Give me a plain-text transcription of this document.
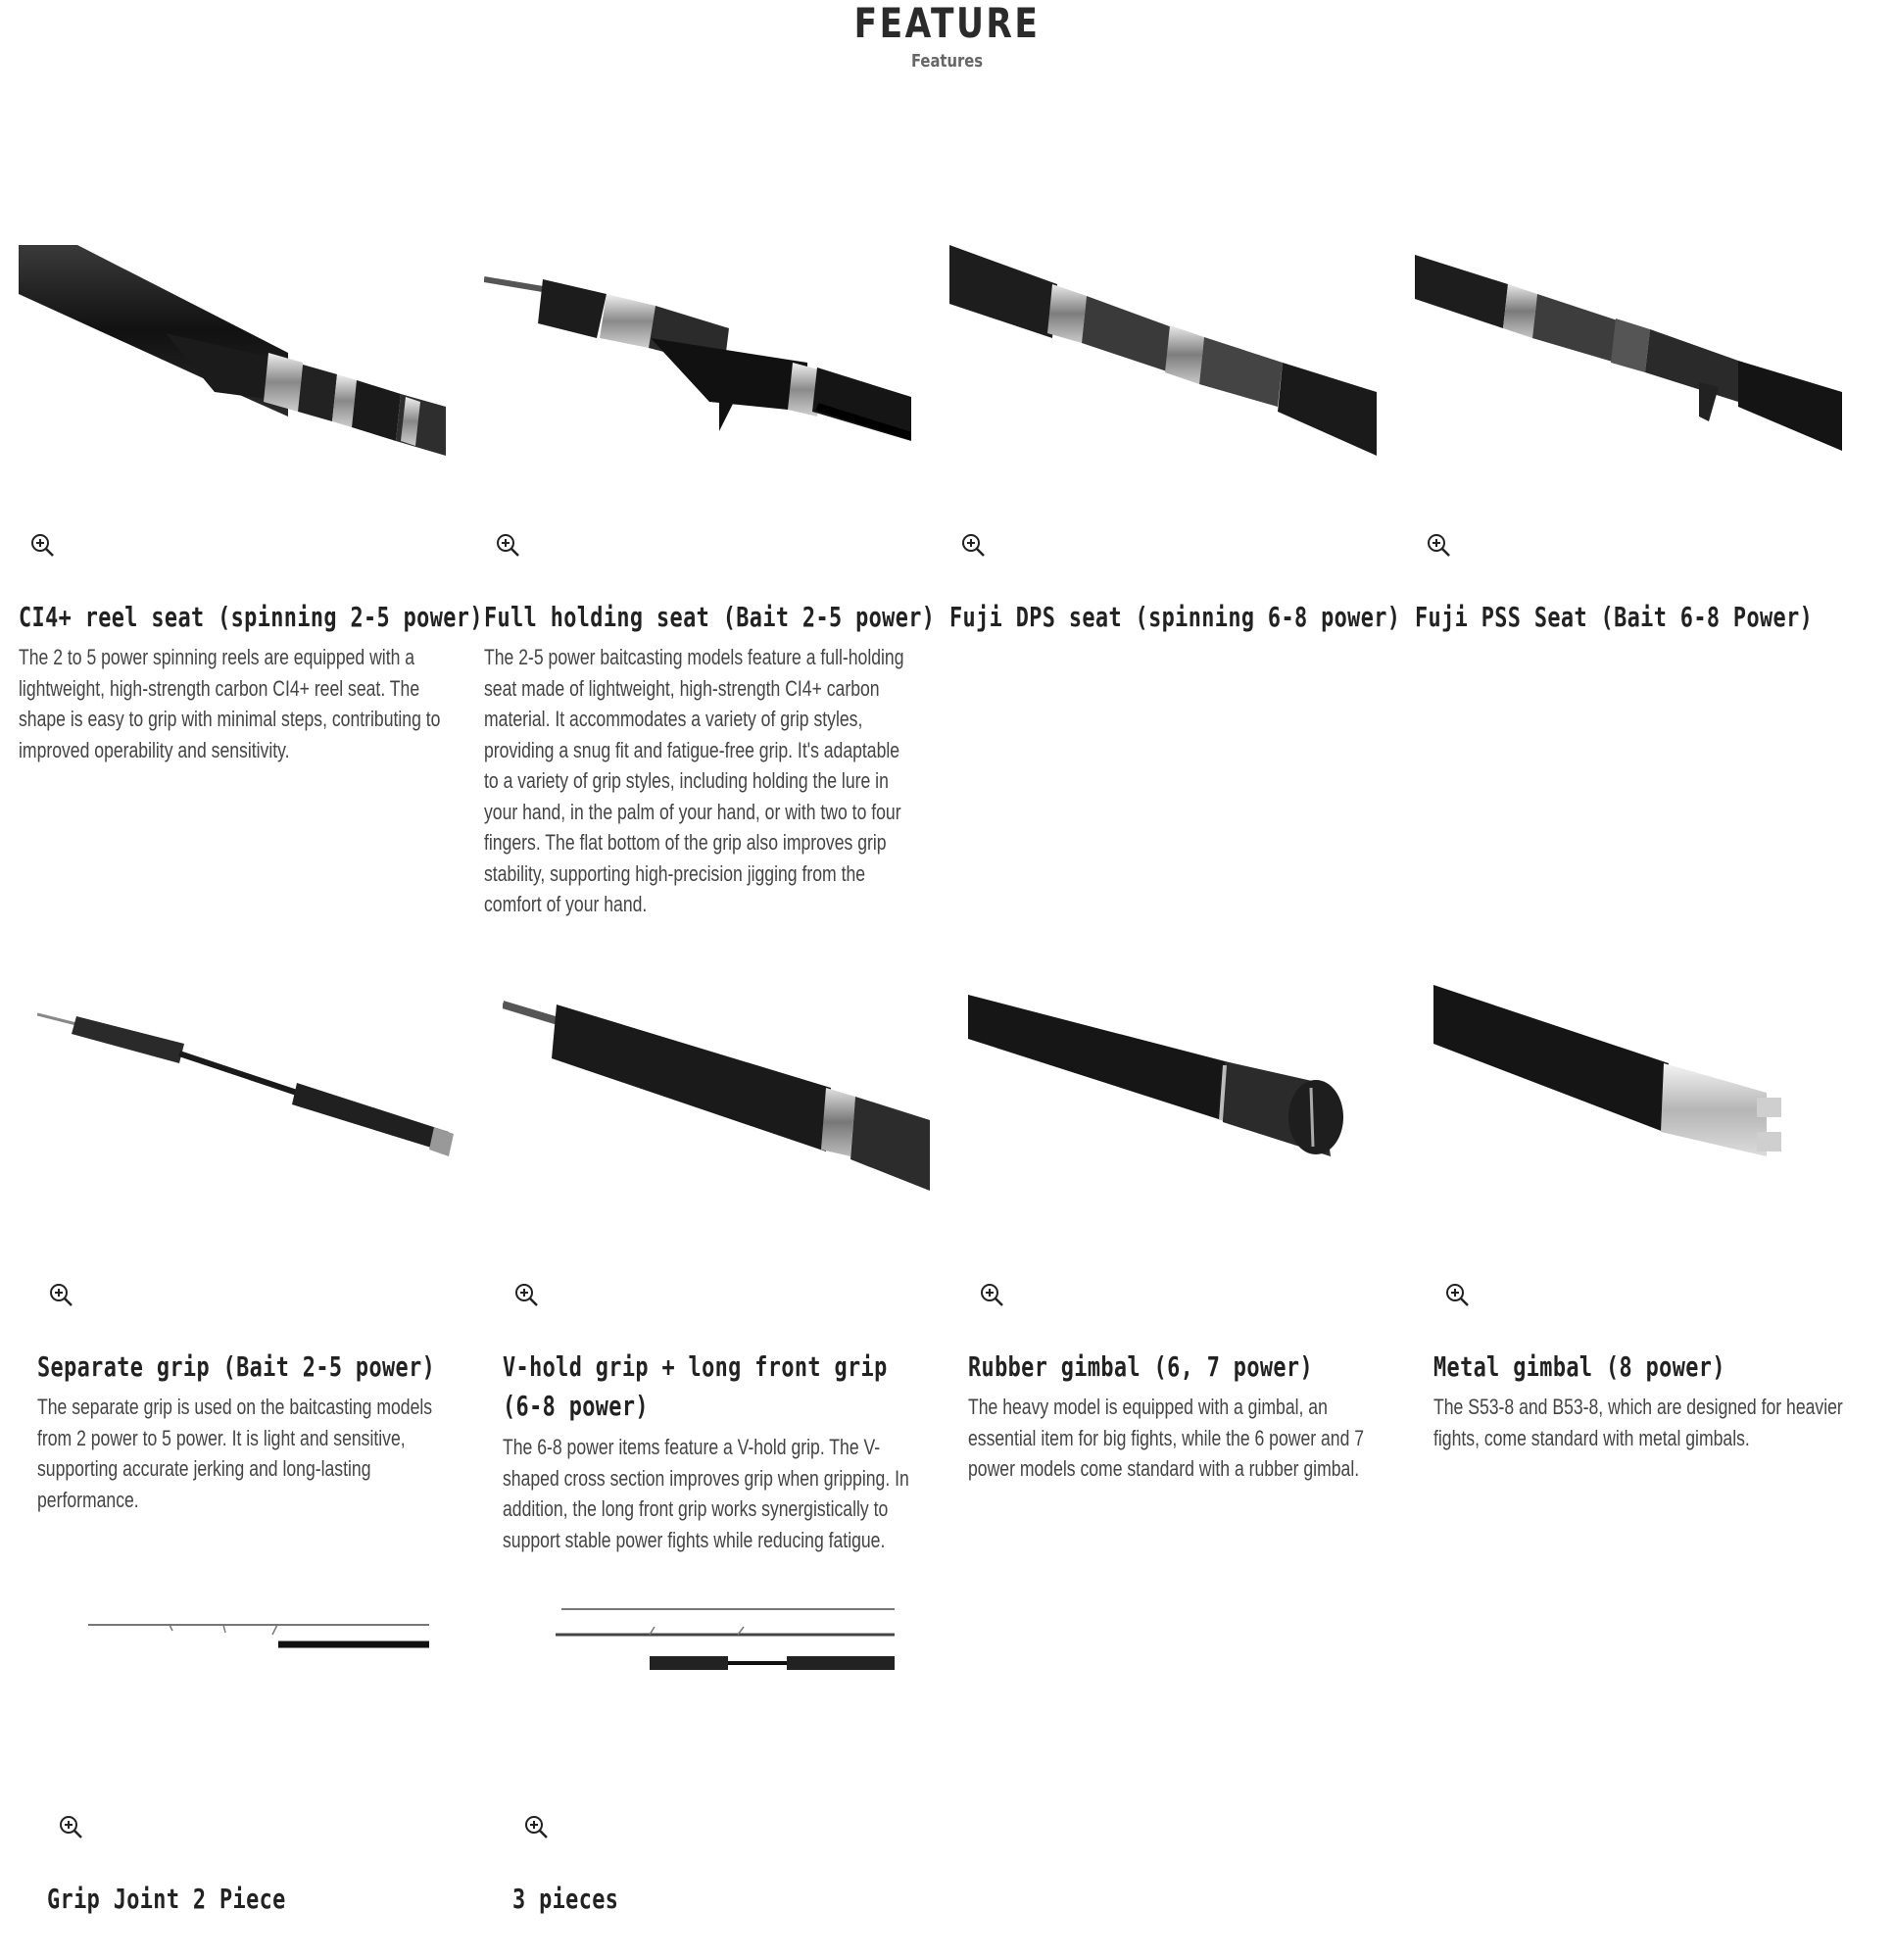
FEATURE
Features
CI4+ reel seat (spinning 2-5 power)
The 2 to 5 power spinning reels are equipped with a lightweight, high-strength carbon CI4+ reel seat. The shape is easy to grip with minimal steps, contributing to improved operability and sensitivity.
Full holding seat (Bait 2-5 power)
The 2-5 power baitcasting models feature a full-holding seat made of lightweight, high-strength CI4+ carbon material. It accommodates a variety of grip styles, providing a snug fit and fatigue-free grip. It's adaptable to a variety of grip styles, including holding the lure in your hand, in the palm of your hand, or with two to four fingers. The flat bottom of the grip also improves grip stability, supporting high-precision jigging from the comfort of your hand.
Fuji DPS seat (spinning 6-8 power) Fuji PSS Seat (Bait 6-8 Power)
Separate grip (Bait 2-5 power)
The separate grip is used on the baitcasting models from 2 power to 5 power. It is light and sensitive, supporting accurate jerking and long-lasting performance.
V-hold grip + long front grip (6-8 power)
The 6-8 power items feature a V-hold grip. The V-shaped cross section improves grip when gripping. In addition, the long front grip works synergistically to support stable power fights while reducing fatigue.
Rubber gimbal (6, 7 power)
The heavy model is equipped with a gimbal, an essential item for big fights, while the 6 power and 7 power models come standard with a rubber gimbal.
Metal gimbal (8 power)
The S53-8 and B53-8, which are designed for heavier fights, come standard with metal gimbals.
Grip Joint 2 Piece	3 pieces
